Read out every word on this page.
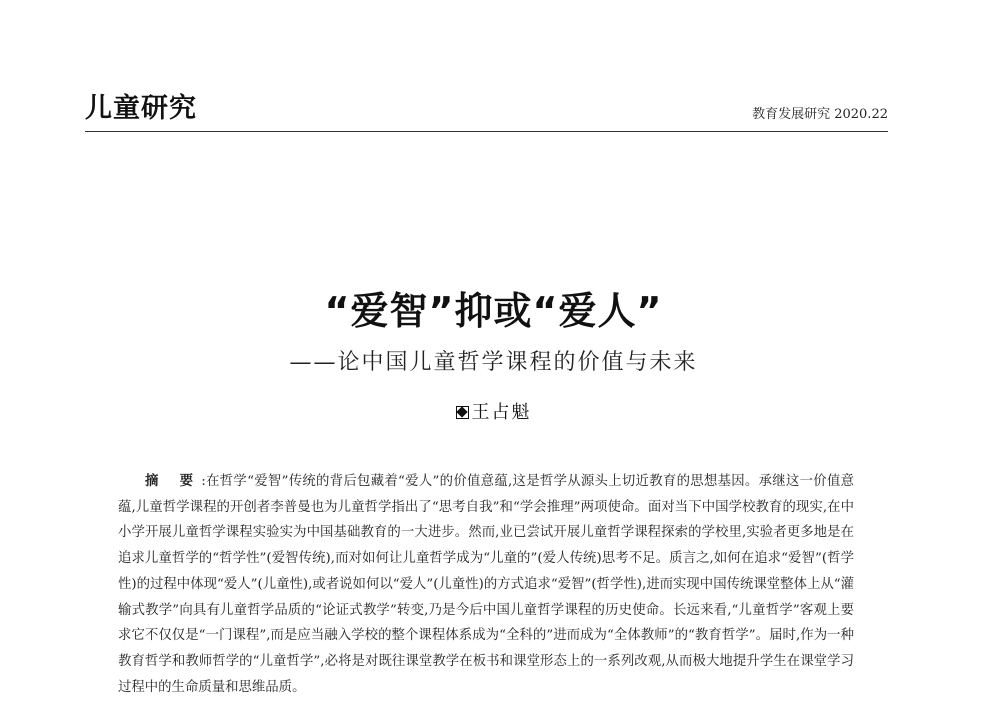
儿童研究	教育发展研究 2020.22
“爱智”抑或“爱人”
——论中国儿童哲学课程的价值与未来
王占魁
摘 要:在哲学“爱智”传统的背后包藏着“爱人”的价值意蕴,这是哲学从源头上切近教育的思想基因。承继这一价值意蕴,儿童哲学课程的开创者李普曼也为儿童哲学指出了“思考自我”和“学会推理”两项使命。面对当下中国学校教育的现实,在中小学开展儿童哲学课程实验实为中国基础教育的一大进步。然而,业已尝试开展儿童哲学课程探索的学校里,实验者更多地是在追求儿童哲学的“哲学性”(爱智传统),而对如何让儿童哲学成为“儿童的”(爱人传统)思考不足。质言之,如何在追求“爱智”(哲学性)的过程中体现“爱人”(儿童性),或者说如何以“爱人”(儿童性)的方式追求“爱智”(哲学性),进而实现中国传统课堂整体上从“灌输式教学”向具有儿童哲学品质的“论证式教学”转变,乃是今后中国儿童哲学课程的历史使命。长远来看,“儿童哲学”客观上要求它不仅仅是“一门课程”,而是应当融入学校的整个课程体系成为“全科的”进而成为“全体教师”的“教育哲学”。届时,作为一种教育哲学和教师哲学的“儿童哲学”,必将是对既往课堂教学在板书和课堂形态上的一系列改观,从而极大地提升学生在课堂学习过程中的生命质量和思维品质。
